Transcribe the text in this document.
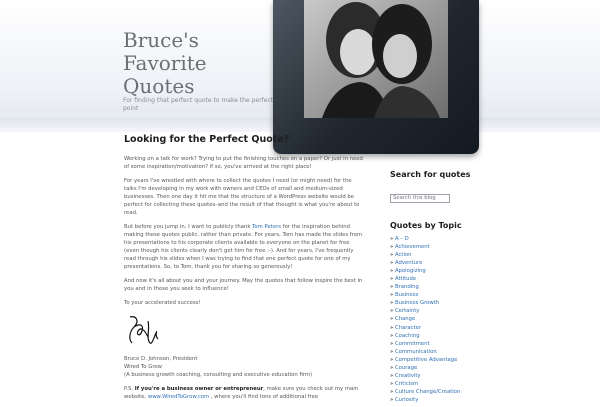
Bruce's Favorite Quotes
For finding that perfect quote to make the perfect point
Looking for the Perfect Quote?

Working on a talk for work? Trying to put the finishing touches on a paper? Or just in need of some inspiration/motivation? If so, you've arrived at the right place!

For years I've wrestled with where to collect the quotes I need (or might need) for the talks I'm developing in my work with owners and CEOs of small and medium-sized businesses. Then one day it hit me that the structure of a WordPress website would be perfect for collecting these quotes–and the result of that thought is what you're about to read.

But before you jump in, I want to publicly thank Tom Peters for the inspiration behind making these quotes public, rather than private. For years, Tom has made the slides from his presentations to his corporate clients available to everyone on the planet for free (even though his clients clearly don't get him for free :-). And for years, I've frequently read through his slides when I was trying to find that one perfect quote for one of my presentations. So, to Tom, thank you for sharing so generously!

And now it's all about you and your journey. May the quotes that follow inspire the best in you and in those you seek to influence!

To your accelerated success!

Bruce D. Johnson, President
Wired To Grow
(A business growth coaching, consulting and executive education firm)

P.S. If you're a business owner or entrepreneur, make sure you check out my main website, www.WiredToGrow.com , where you'll find tons of additional free

Search for quotes
Search this blog
Quotes by Topic
» A – D
» Achievement
» Action
» Adventure
» Apologizing
» Attitude
» Branding
» Business
» Business Growth
» Certainty
» Change
» Character
» Coaching
» Commitment
» Communication
» Competitive Advantage
» Courage
» Creativity
» Criticism
» Culture Change/Creation
» Curiosity
